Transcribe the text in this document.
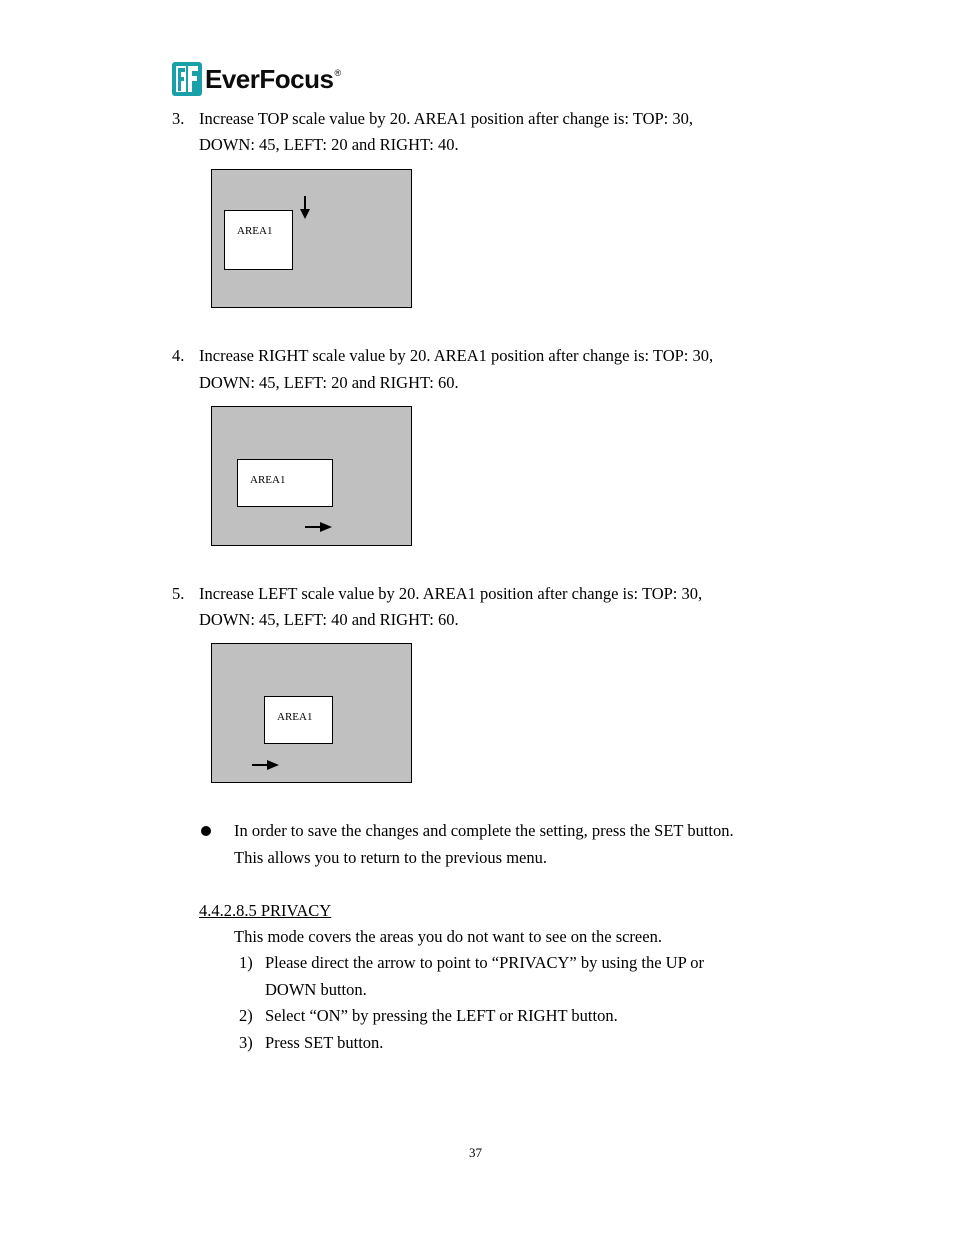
EverFocus ®
3. Increase TOP scale value by 20. AREA1 position after change is: TOP: 30,
DOWN: 45, LEFT: 20 and RIGHT: 40.
AREA1
4. Increase RIGHT scale value by 20. AREA1 position after change is: TOP: 30,
DOWN: 45, LEFT: 20 and RIGHT: 60.
AREA1
5. Increase LEFT scale value by 20. AREA1 position after change is: TOP: 30,
DOWN: 45, LEFT: 40 and RIGHT: 60.
AREA1
In order to save the changes and complete the setting, press the SET button.
This allows you to return to the previous menu.
4.4.2.8.5 PRIVACY
This mode covers the areas you do not want to see on the screen.
1) Please direct the arrow to point to “PRIVACY” by using the UP or
DOWN button.
2) Select “ON” by pressing the LEFT or RIGHT button.
3) Press SET button.
37
